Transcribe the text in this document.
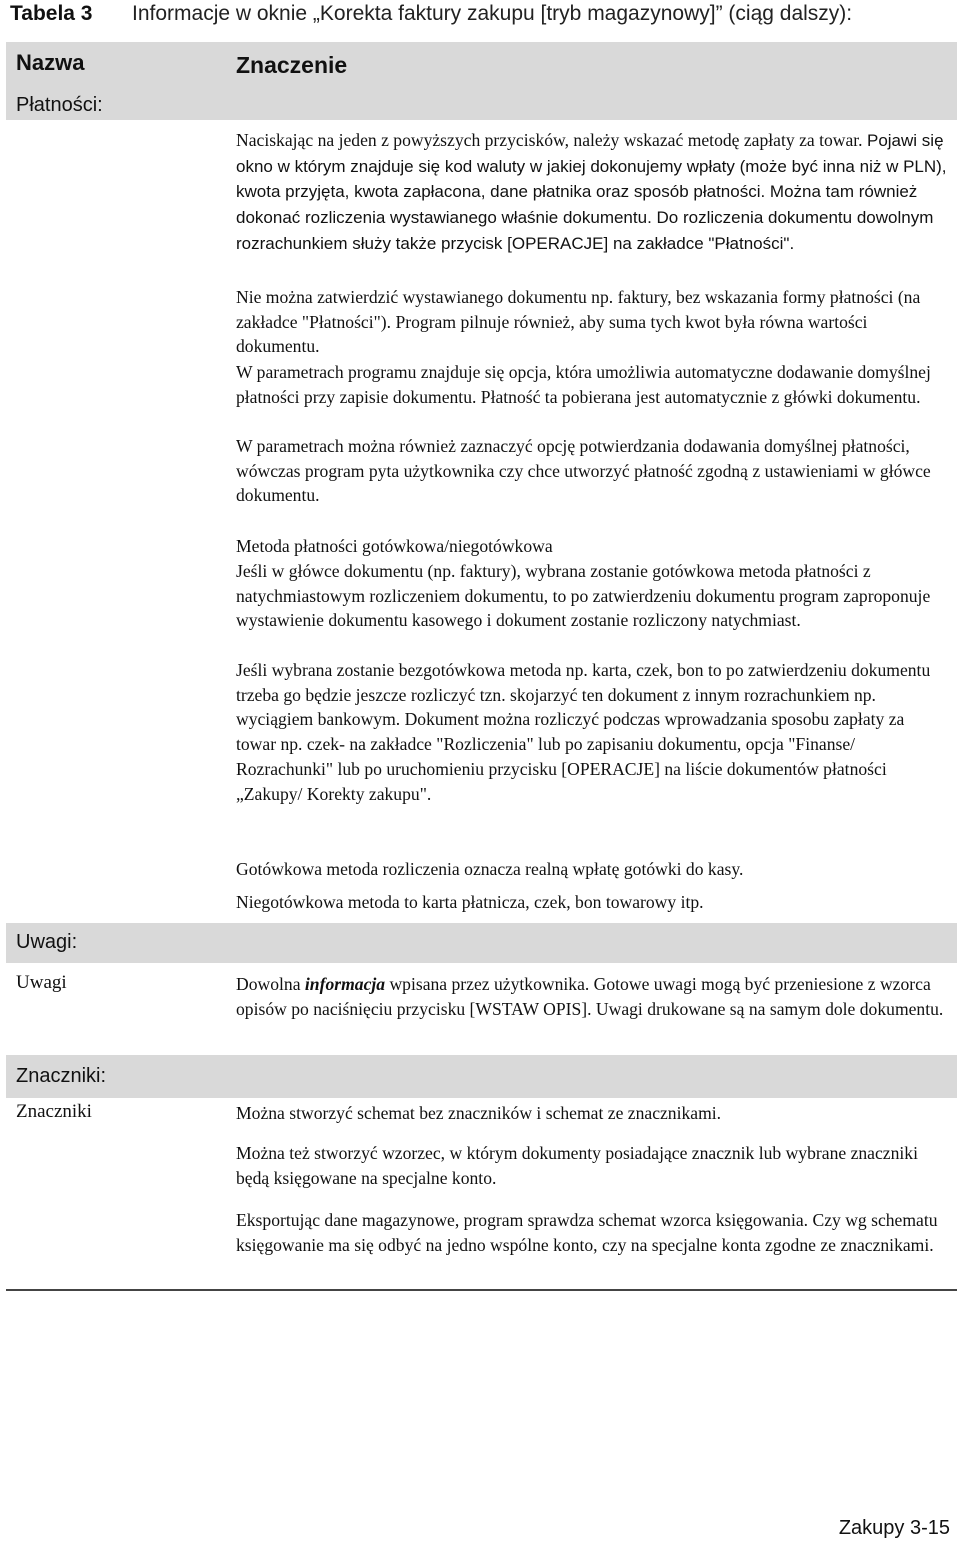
Tabela 3 Informacje w oknie „Korekta faktury zakupu [tryb magazynowy]” (ciąg dalszy):
Nazwa	Znaczenie
Płatności:

Naciskając na jeden z powyższych przycisków, należy wskazać metodę zapłaty za towar. Pojawi się okno w którym znajduje się kod waluty w jakiej dokonujemy wpłaty (może być inna niż w PLN), kwota przyjęta, kwota zapłacona, dane płatnika oraz sposób płatności. Można tam również dokonać rozliczenia wystawianego właśnie dokumentu. Do rozliczenia dokumentu dowolnym rozrachunkiem służy także przycisk [OPERACJE] na zakładce "Płatności".

Nie można zatwierdzić wystawianego dokumentu np. faktury, bez wskazania formy płatności (na zakładce "Płatności"). Program pilnuje również, aby suma tych kwot była równa wartości dokumentu.

W parametrach programu znajduje się opcja, która umożliwia automatyczne dodawanie domyślnej płatności przy zapisie dokumentu. Płatność ta pobierana jest automatycznie z główki dokumentu.

W parametrach można również zaznaczyć opcję potwierdzania dodawania domyślnej płatności, wówczas program pyta użytkownika czy chce utworzyć płatność zgodną z ustawieniami w główce dokumentu.

Metoda płatności gotówkowa/niegotówkowa

Jeśli w główce dokumentu (np. faktury), wybrana zostanie gotówkowa metoda płatności z natychmiastowym rozliczeniem dokumentu, to po zatwierdzeniu dokumentu program zaproponuje wystawienie dokumentu kasowego i dokument zostanie rozliczony natychmiast.

Jeśli wybrana zostanie bezgotówkowa metoda np. karta, czek, bon to po zatwierdzeniu dokumentu trzeba go będzie jeszcze rozliczyć tzn. skojarzyć ten dokument z innym rozrachunkiem np. wyciągiem bankowym. Dokument można rozliczyć podczas wprowadzania sposobu zapłaty za towar np. czek- na zakładce "Rozliczenia" lub po zapisaniu dokumentu, opcja "Finanse/ Rozrachunki" lub po uruchomieniu przycisku [OPERACJE] na liście dokumentów płatności „Zakupy/ Korekty zakupu".

Gotówkowa metoda rozliczenia oznacza realną wpłatę gotówki do kasy.

Niegotówkowa metoda to karta płatnicza, czek, bon towarowy itp.

Uwagi:
Uwagi	Dowolna informacja wpisana przez użytkownika. Gotowe uwagi mogą być przeniesione z wzorca opisów po naciśnięciu przycisku [WSTAW OPIS]. Uwagi drukowane są na samym dole dokumentu.

Znaczniki:
Znaczniki	Można stworzyć schemat bez znaczników i schemat ze znacznikami.

Można też stworzyć wzorzec, w którym dokumenty posiadające znacznik lub wybrane znaczniki będą księgowane na specjalne konto.

Eksportując dane magazynowe, program sprawdza schemat wzorca księgowania. Czy wg schematu księgowanie ma się odbyć na jedno wspólne konto, czy na specjalne konta zgodne ze znacznikami.

Zakupy 3-15
